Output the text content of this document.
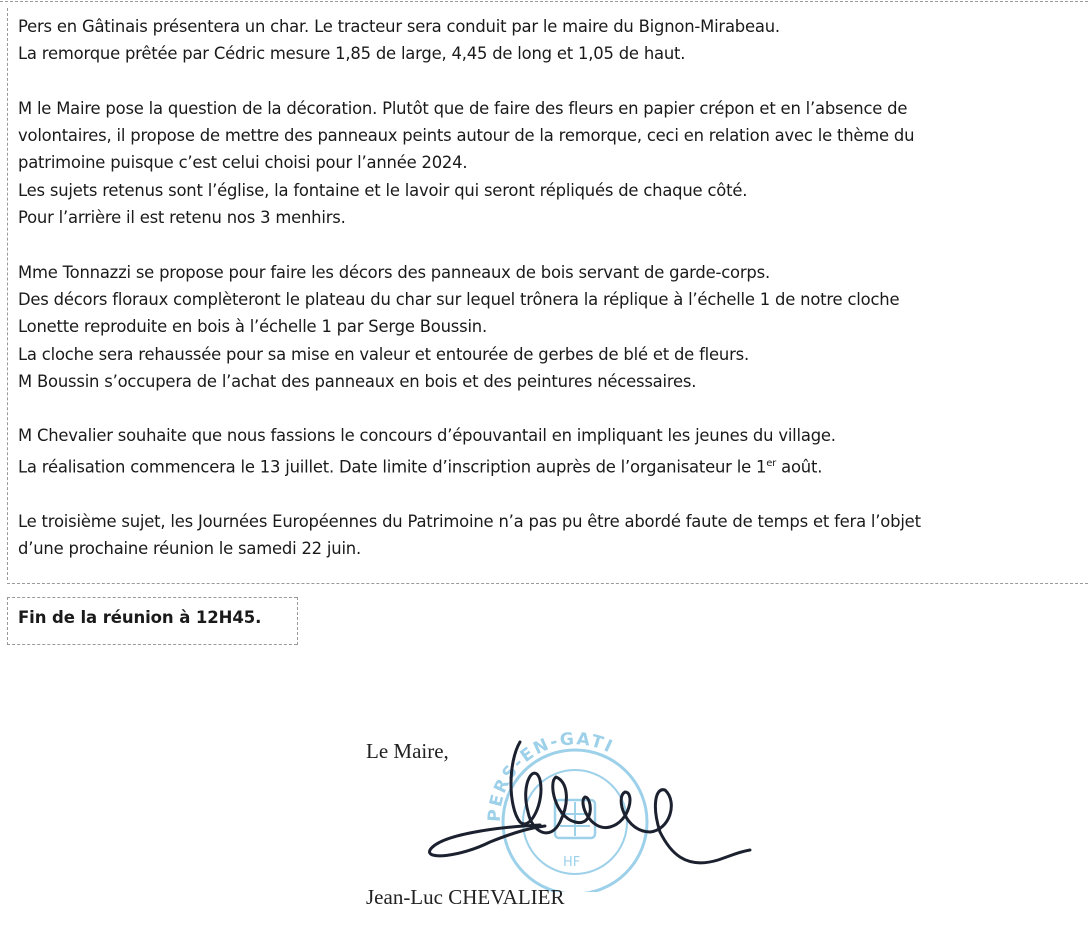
Pers en Gâtinais présentera un char. Le tracteur sera conduit par le maire du Bignon-Mirabeau.

La remorque prêtée par Cédric mesure 1,85 de large, 4,45 de long et 1,05 de haut.

M le Maire pose la question de la décoration. Plutôt que de faire des fleurs en papier crépon et en l’absence de

volontaires, il propose de mettre des panneaux peints autour de la remorque, ceci en relation avec le thème du

patrimoine puisque c’est celui choisi pour l’année 2024.

Les sujets retenus sont l’église, la fontaine et le lavoir qui seront répliqués de chaque côté.

Pour l’arrière il est retenu nos 3 menhirs.

Mme Tonnazzi se propose pour faire les décors des panneaux de bois servant de garde-corps.

Des décors floraux complèteront le plateau du char sur lequel trônera la réplique à l’échelle 1 de notre cloche

Lonette reproduite en bois à l’échelle 1 par Serge Boussin.

La cloche sera rehaussée pour sa mise en valeur et entourée de gerbes de blé et de fleurs.

M Boussin s’occupera de l’achat des panneaux en bois et des peintures nécessaires.

M Chevalier souhaite que nous fassions le concours d’épouvantail en impliquant les jeunes du village.

La réalisation commencera le 13 juillet. Date limite d’inscription auprès de l’organisateur le 1er août.

Le troisième sujet, les Journées Européennes du Patrimoine n’a pas pu être abordé faute de temps et fera l’objet

d’une prochaine réunion le samedi 22 juin.

Fin de la réunion à 12H45.
Le Maire,
PERS-EN-GATI
HF
Jean-Luc CHEVALIER
